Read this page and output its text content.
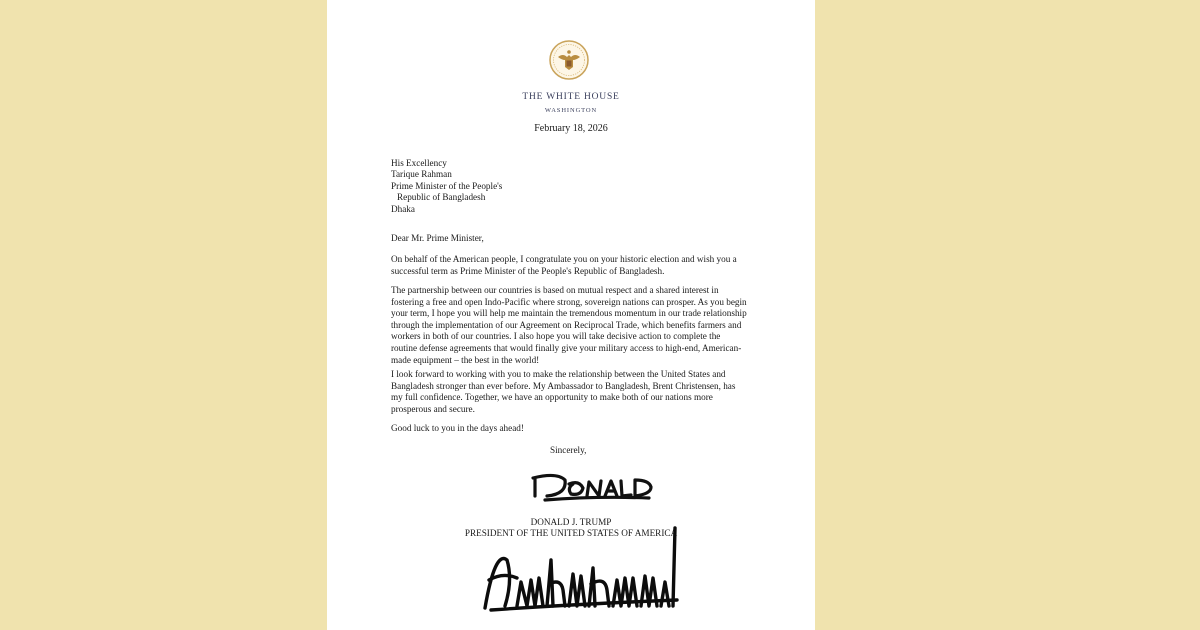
THE WHITE HOUSE
WASHINGTON
February 18, 2026
His Excellency
Tarique Rahman
Prime Minister of the People's
Republic of Bangladesh
Dhaka
Dear Mr. Prime Minister,

On behalf of the American people, I congratulate you on your historic election and wish you a successful term as Prime Minister of the People's Republic of Bangladesh.

The partnership between our countries is based on mutual respect and a shared interest in fostering a free and open Indo-Pacific where strong, sovereign nations can prosper. As you begin your term, I hope you will help me maintain the tremendous momentum in our trade relationship through the implementation of our Agreement on Reciprocal Trade, which benefits farmers and workers in both of our countries. I also hope you will take decisive action to complete the routine defense agreements that would finally give your military access to high-end, American-made equipment – the best in the world!

I look forward to working with you to make the relationship between the United States and Bangladesh stronger than ever before. My Ambassador to Bangladesh, Brent Christensen, has my full confidence. Together, we have an opportunity to make both of our nations more prosperous and secure.

Good luck to you in the days ahead!

Sincerely,
DONALD J. TRUMP
PRESIDENT OF THE UNITED STATES OF AMERICA
